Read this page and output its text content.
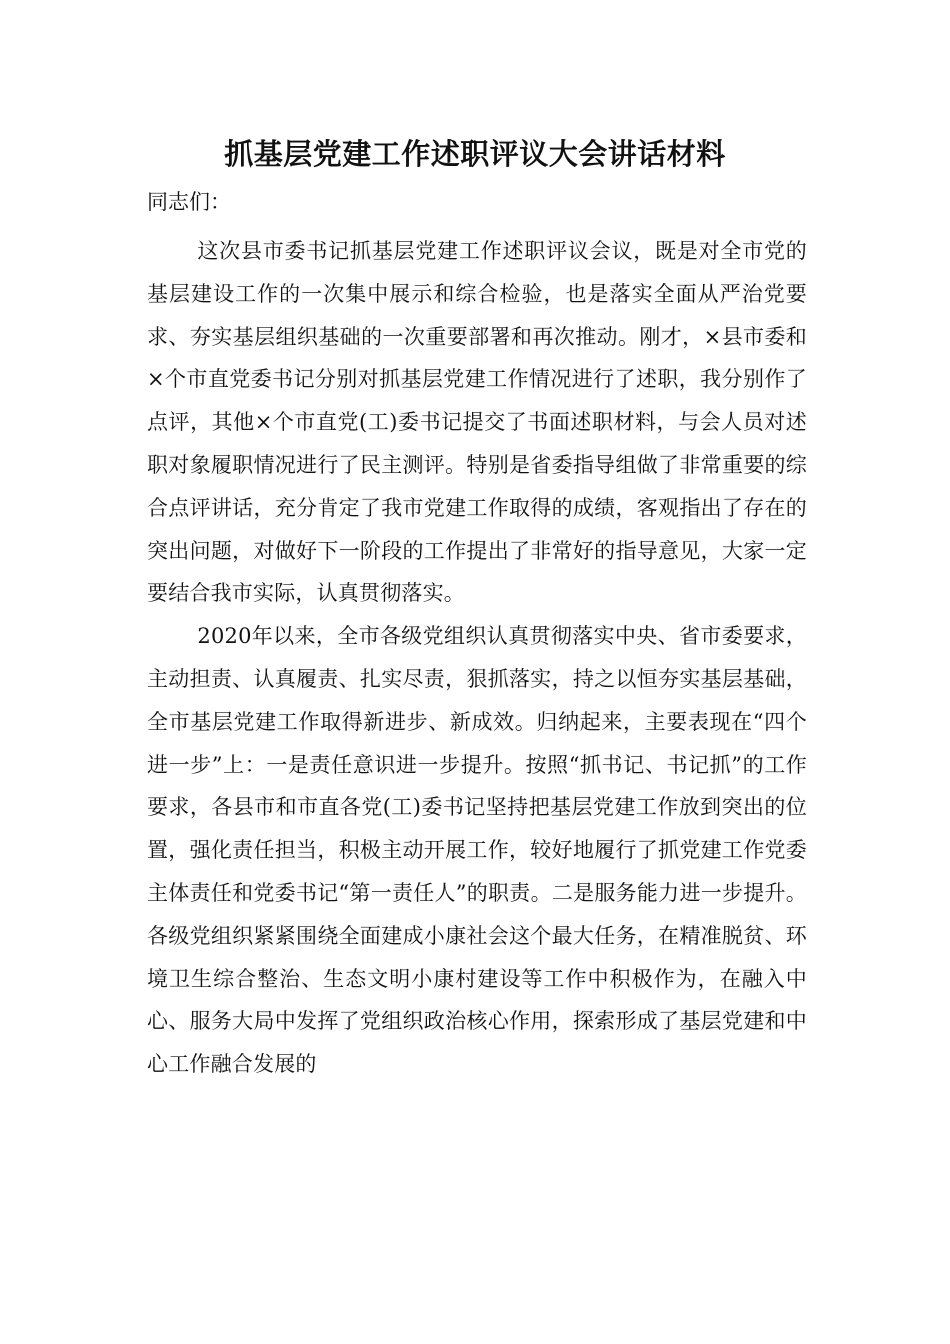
抓基层党建工作述职评议大会讲话材料

同志们：

这次县市委书记抓基层党建工作述职评议会议，既是对全市党的基层建设工作的一次集中展示和综合检验，也是落实全面从严治党要求、夯实基层组织基础的一次重要部署和再次推动。刚才，×县市委和×个市直党委书记分别对抓基层党建工作情况进行了述职，我分别作了点评，其他×个市直党(工)委书记提交了书面述职材料，与会人员对述职对象履职情况进行了民主测评。特别是省委指导组做了非常重要的综合点评讲话，充分肯定了我市党建工作取得的成绩，客观指出了存在的突出问题，对做好下一阶段的工作提出了非常好的指导意见，大家一定要结合我市实际，认真贯彻落实。

2020年以来，全市各级党组织认真贯彻落实中央、省市委要求，主动担责、认真履责、扎实尽责，狠抓落实，持之以恒夯实基层基础，全市基层党建工作取得新进步、新成效。归纳起来，主要表现在“四个进一步”上：一是责任意识进一步提升。按照“抓书记、书记抓”的工作要求，各县市和市直各党(工)委书记坚持把基层党建工作放到突出的位置，强化责任担当，积极主动开展工作，较好地履行了抓党建工作党委主体责任和党委书记“第一责任人”的职责。二是服务能力进一步提升。各级党组织紧紧围绕全面建成小康社会这个最大任务，在精准脱贫、环境卫生综合整治、生态文明小康村建设等工作中积极作为，在融入中心、服务大局中发挥了党组织政治核心作用，探索形成了基层党建和中心工作融合发展的
